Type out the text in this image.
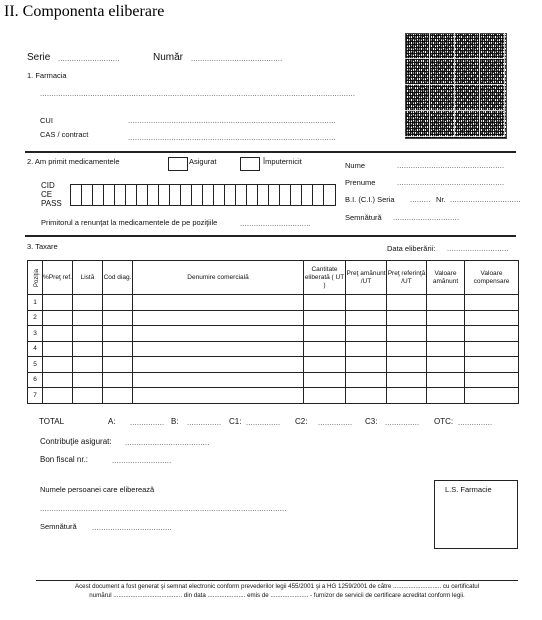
II. Componenta eliberare
Serie ...........................	Număr ........................................
1. Farmacia
..........................................................................................................................................
CUI	...........................................................................................
CAS / contract	...........................................................................................
2. Am primit medicamentele	Asigurat	Împuternicit
CID
CE
PASS
Primitorul a renunţat la medicamentele de pe poziţiile	...............................
Nume	...............................................
Prenume	...............................................
B.I. (C.I.) Seria ......... Nr. ...............................
Semnătură .............................
3. Taxare	Data eliberării: ...........................
Poziţia	%Preţ ref.	Listă	Cod diag.	Denumire comercială	Cantitate eliberată ( UT )	Preţ amănunt /UT	Preţ referinţă /UT	Valoare amănunt	Valoare compensare
1									
2									
3									
4									
5									
6									
7									
TOTAL	A: ............... B: ............... C1: ............... C2: ............... C3: ............... OTC: ...............
Contribuţie asigurat: .....................................
Bon fiscal nr.:	..........................
Numele persoanei care eliberează
............................................................................................................
Semnătură ...................................
L.S. Farmacie
Acest document a fost generat şi semnat electronic conform prevederilor legii 455/2001 şi a HG 1259/2001 de către ............................ cu certificatul
numărul ........................................ din data ...................... emis de ...................... - furnizor de servicii de certificare acreditat conform legii.
